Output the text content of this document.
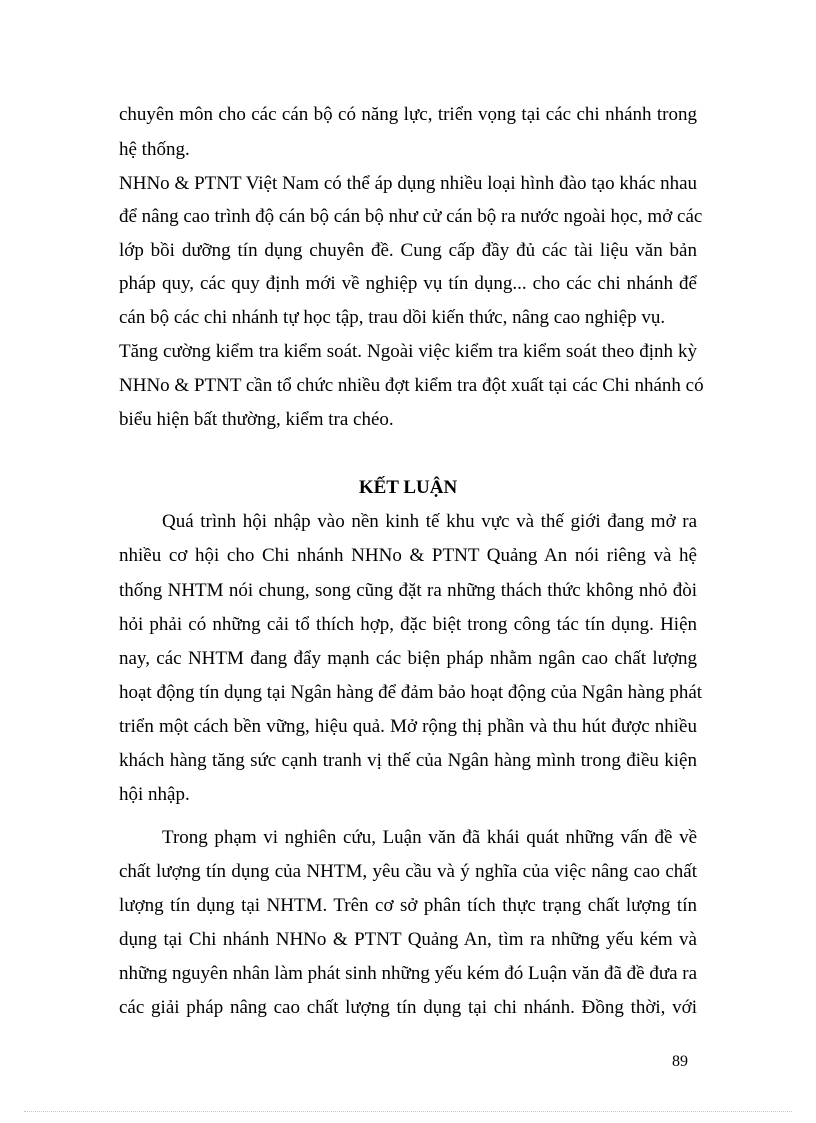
chuyên môn cho các cán bộ có năng lực, triển vọng tại các chi nhánh trong
hệ thống.
NHNo & PTNT Việt Nam có thể áp dụng nhiều loại hình đào tạo khác nhau
để nâng cao trình độ cán bộ cán bộ như cử cán bộ ra nước ngoài học, mở các
lớp bồi dưỡng tín dụng chuyên đề. Cung cấp đầy đủ các tài liệu văn bản
pháp quy, các quy định mới về nghiệp vụ tín dụng... cho các chi nhánh để
cán bộ các chi nhánh tự học tập, trau dồi kiến thức, nâng cao nghiệp vụ.
Tăng cường kiểm tra kiểm soát. Ngoài việc kiểm tra kiểm soát theo định kỳ
NHNo & PTNT cần tổ chức nhiều đợt kiểm tra đột xuất tại các Chi nhánh có
biểu hiện bất thường, kiểm tra chéo.
KẾT LUẬN
Quá trình hội nhập vào nền kinh tế khu vực và thế giới đang mở ra
nhiều cơ hội cho Chi nhánh NHNo & PTNT Quảng An nói riêng và hệ
thống NHTM nói chung, song cũng đặt ra những thách thức không nhỏ đòi
hỏi phải có những cải tổ thích hợp, đặc biệt trong công tác tín dụng. Hiện
nay, các NHTM đang đẩy mạnh các biện pháp nhằm ngân cao chất lượng
hoạt động tín dụng tại Ngân hàng để đảm bảo hoạt động của Ngân hàng phát
triển một cách bền vững, hiệu quả. Mở rộng thị phần và thu hút được nhiều
khách hàng tăng sức cạnh tranh vị thế của Ngân hàng mình trong điều kiện
hội nhập.
Trong phạm vi nghiên cứu, Luận văn đã khái quát những vấn đề về
chất lượng tín dụng của NHTM, yêu cầu và ý nghĩa của việc nâng cao chất
lượng tín dụng tại NHTM. Trên cơ sở phân tích thực trạng chất lượng tín
dụng tại Chi nhánh NHNo & PTNT Quảng An, tìm ra những yếu kém và
những nguyên nhân làm phát sinh những yếu kém đó Luận văn đã đề đưa ra
các giải pháp nâng cao chất lượng tín dụng tại chi nhánh. Đồng thời, với
89
